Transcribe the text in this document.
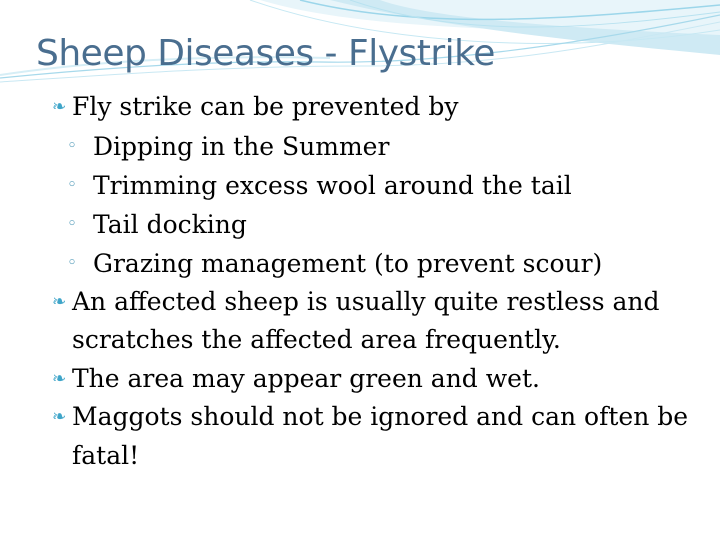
Sheep Diseases - Flystrike
❧ Fly strike can be prevented by
◦ Dipping in the Summer
◦ Trimming excess wool around the tail
◦ Tail docking
◦ Grazing management (to prevent scour)
❧ An affected sheep is usually quite restless and scratches the affected area frequently.
❧ The area may appear green and wet.
❧ Maggots should not be ignored and can often be fatal!
